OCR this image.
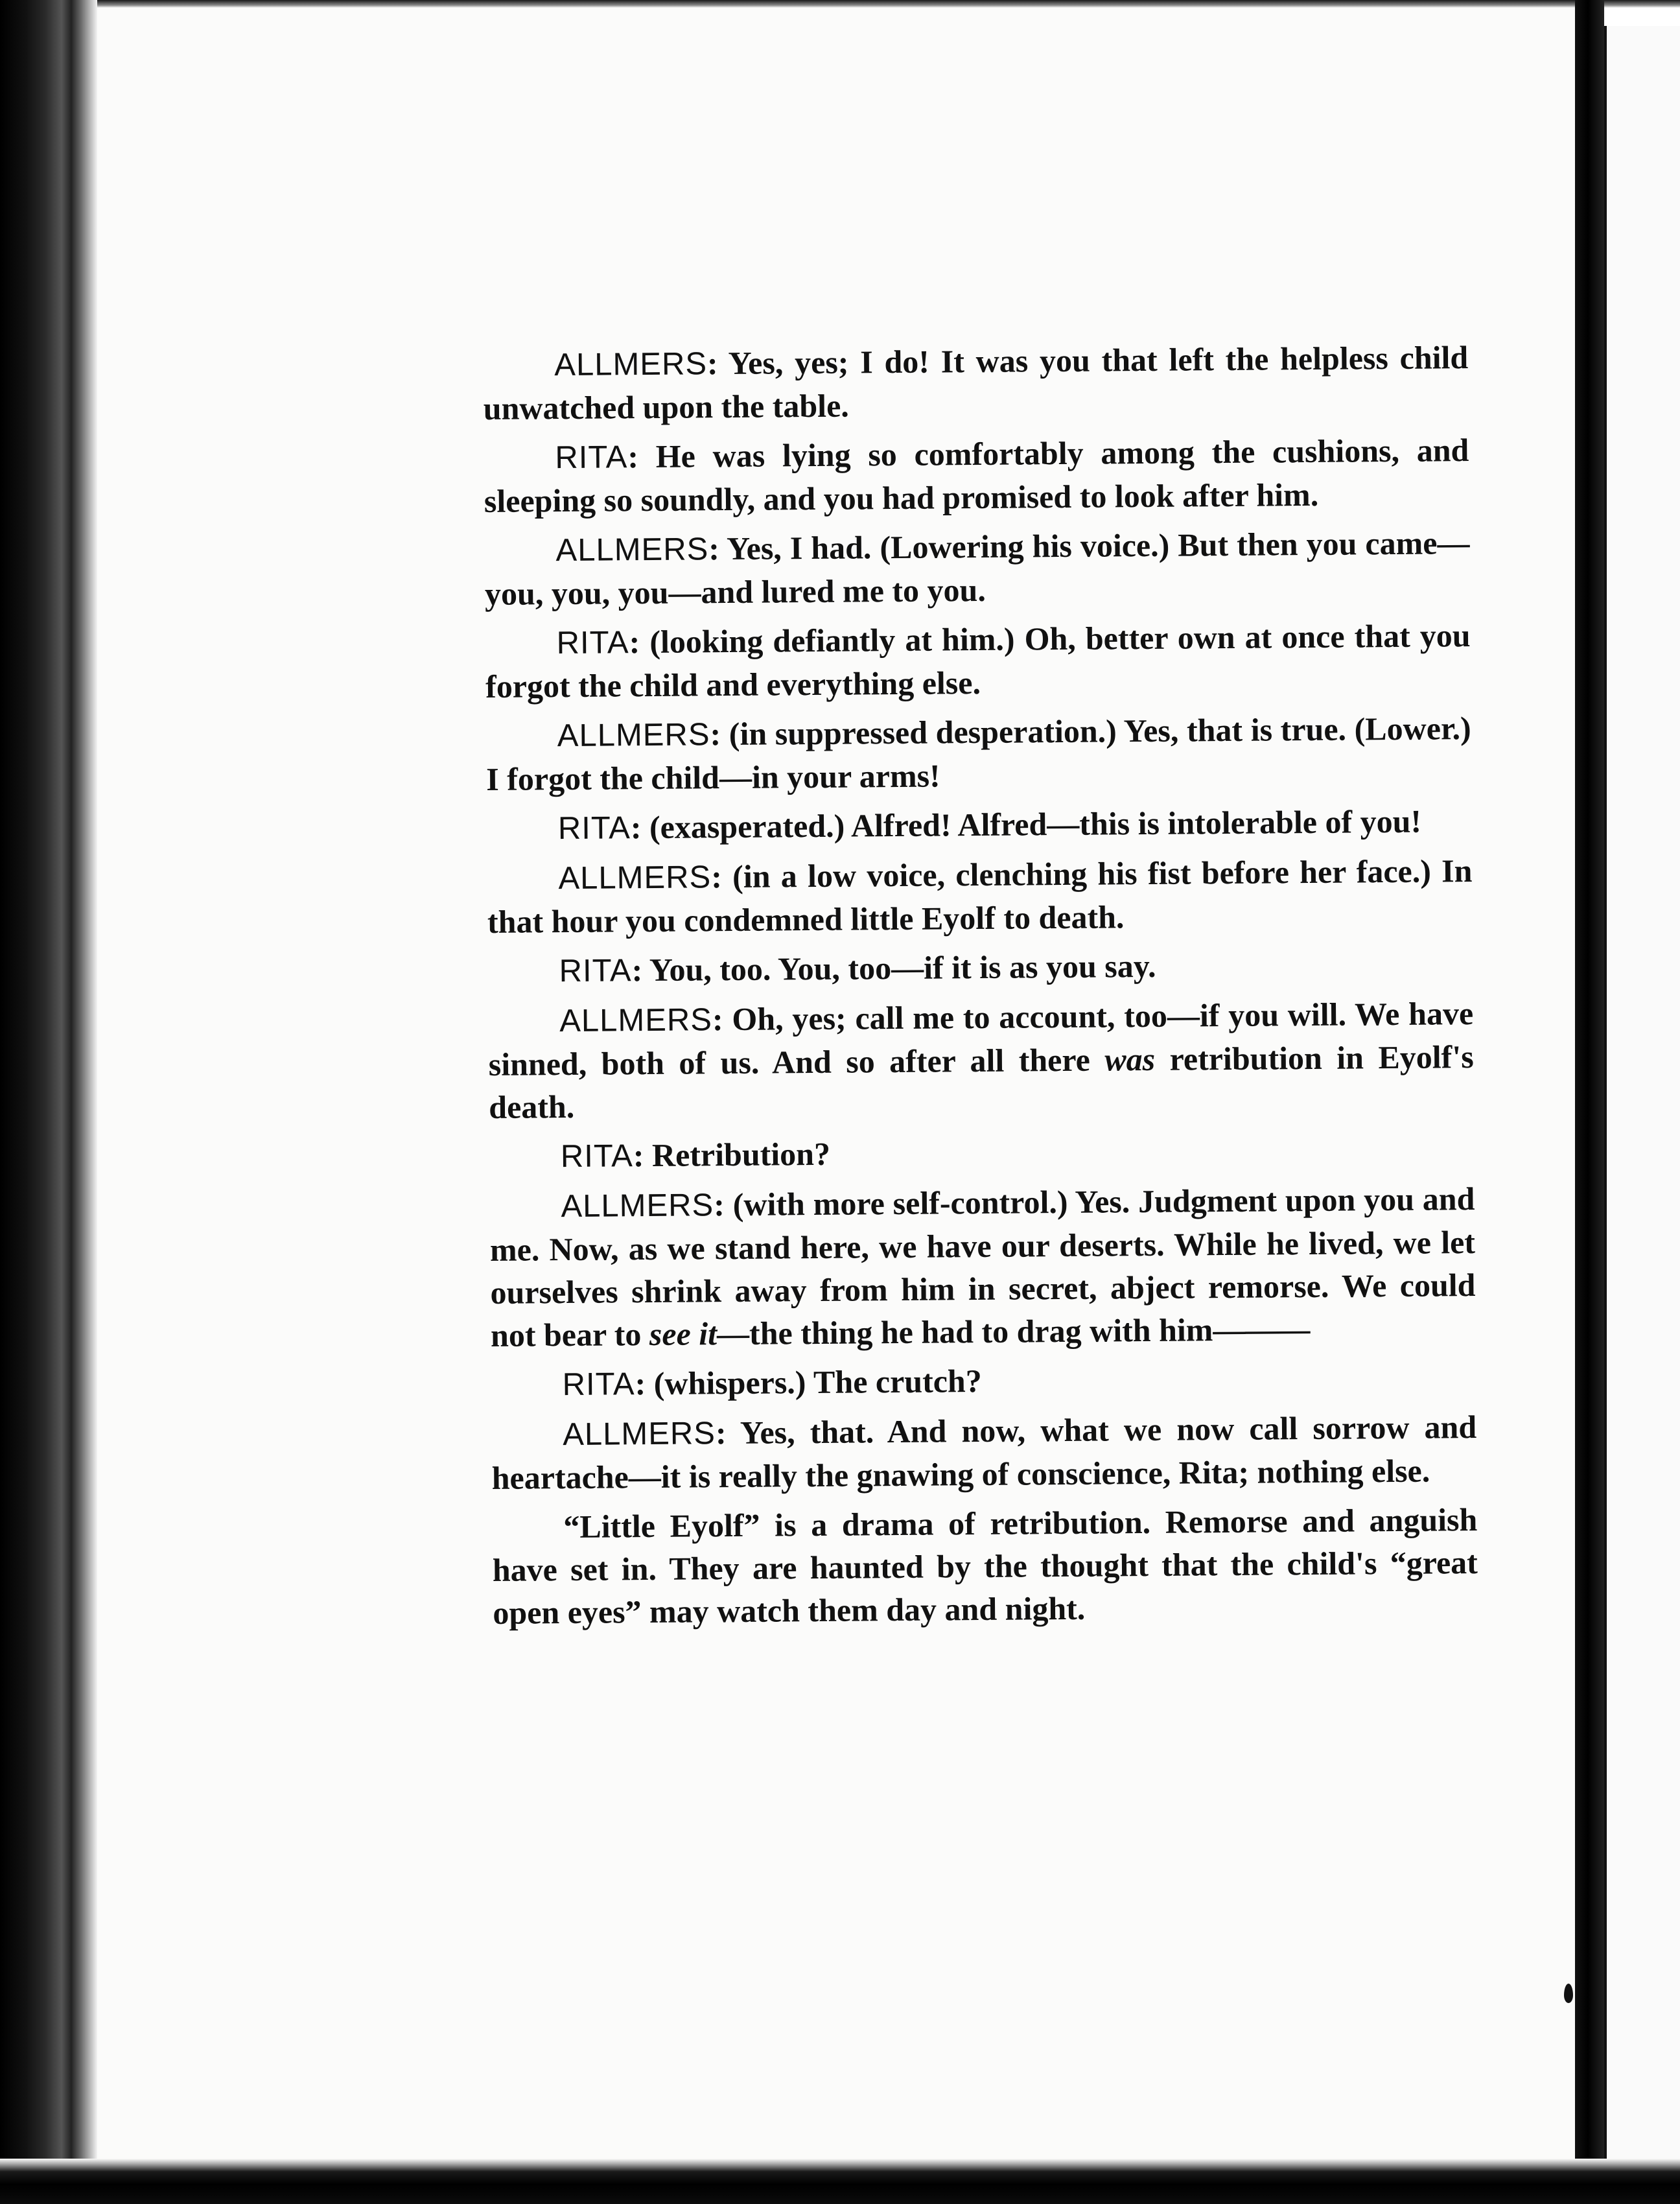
ALLMERS: Yes, yes; I do! It was you that left the helpless child unwatched upon the table.

RITA: He was lying so comfortably among the cushions, and sleeping so soundly, and you had promised to look after him.

ALLMERS: Yes, I had. (Lowering his voice.) But then you came—you, you, you—and lured me to you.

RITA: (looking defiantly at him.) Oh, better own at once that you forgot the child and everything else.

ALLMERS: (in suppressed desperation.) Yes, that is true. (Lower.) I forgot the child—in your arms!

RITA: (exasperated.) Alfred! Alfred—this is intolerable of you!

ALLMERS: (in a low voice, clenching his fist before her face.) In that hour you condemned little Eyolf to death.

RITA: You, too. You, too—if it is as you say.

ALLMERS: Oh, yes; call me to account, too—if you will. We have sinned, both of us. And so after all there was retribution in Eyolf's death.

RITA: Retribution?

ALLMERS: (with more self-control.) Yes. Judgment upon you and me. Now, as we stand here, we have our deserts. While he lived, we let ourselves shrink away from him in secret, abject remorse. We could not bear to see it—the thing he had to drag with him———

RITA: (whispers.) The crutch?

ALLMERS: Yes, that. And now, what we now call sorrow and heartache—it is really the gnawing of conscience, Rita; nothing else.

“Little Eyolf” is a drama of retribution. Remorse and anguish have set in. They are haunted by the thought that the child's “great open eyes” may watch them day and night.
